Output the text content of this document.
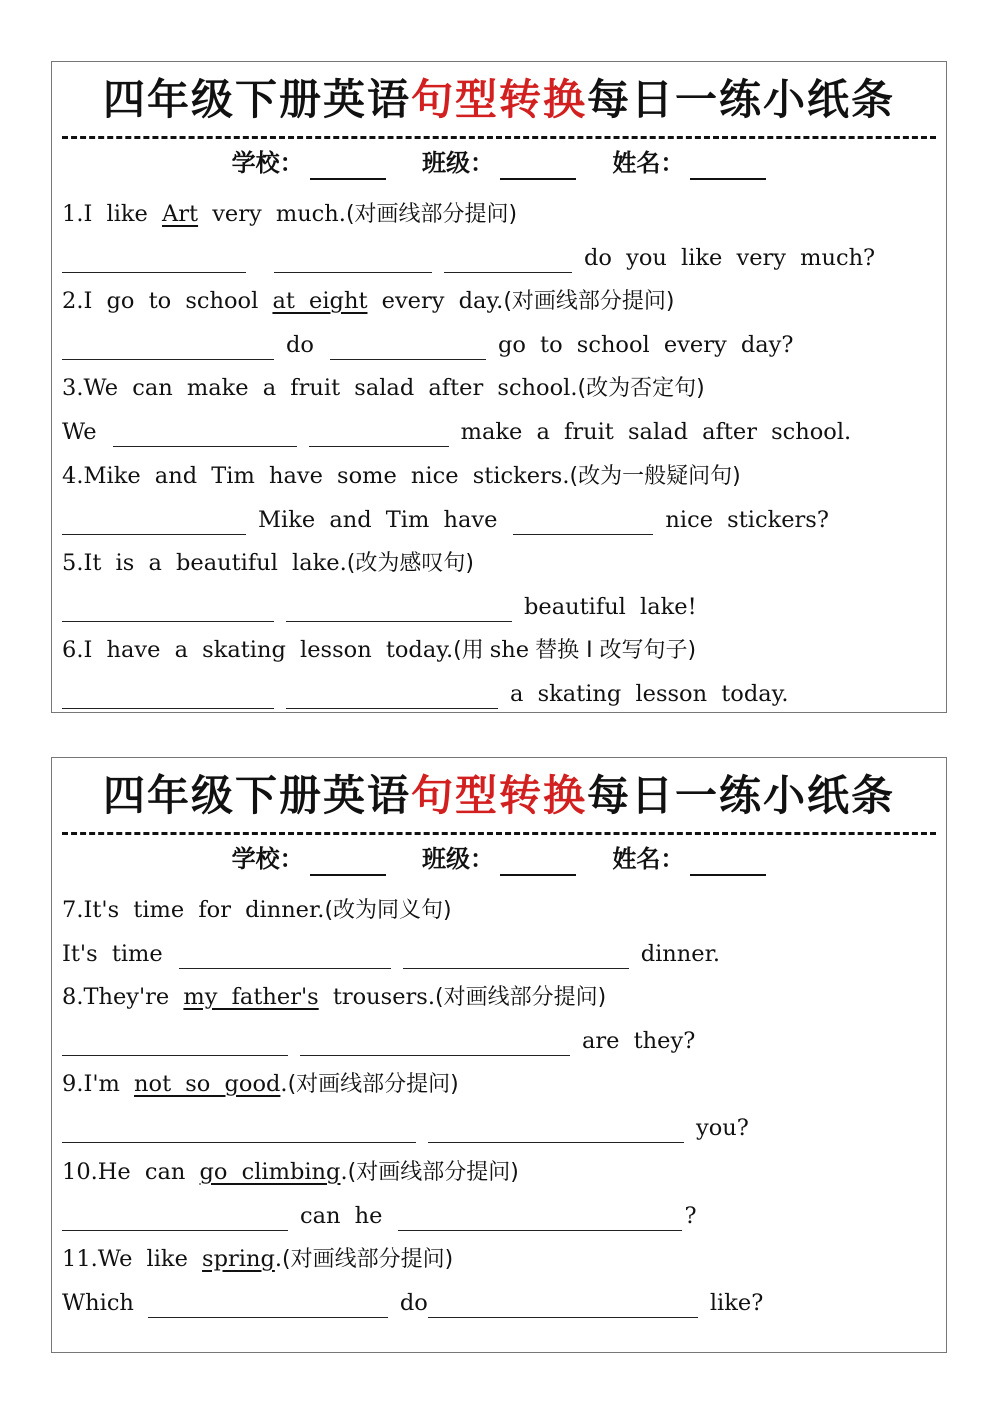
四年级下册英语句型转换每日一练小纸条
学校：	班级：	姓名：
1.I like Art very much.(对画线部分提问)
do you like very much?
2.I go to school at eight every day.(对画线部分提问)
do	go to school every day?
3.We can make a fruit salad after school.(改为否定句)
We	make a fruit salad after school.
4.Mike and Tim have some nice stickers.(改为一般疑问句)
Mike and Tim have	nice stickers?
5.It is a beautiful lake.(改为感叹句)
beautiful lake!
6.I have a skating lesson today.(用 she 替换 I 改写句子)
a skating lesson today.
四年级下册英语句型转换每日一练小纸条
学校：	班级：	姓名：
7.It's time for dinner.(改为同义句)
It's time	dinner.
8.They're my father's trousers.(对画线部分提问)
are they?
9.I'm not so good.(对画线部分提问)
you?
10.He can go climbing.(对画线部分提问)
can he	?
11.We like spring.(对画线部分提问)
Which	do	like?
